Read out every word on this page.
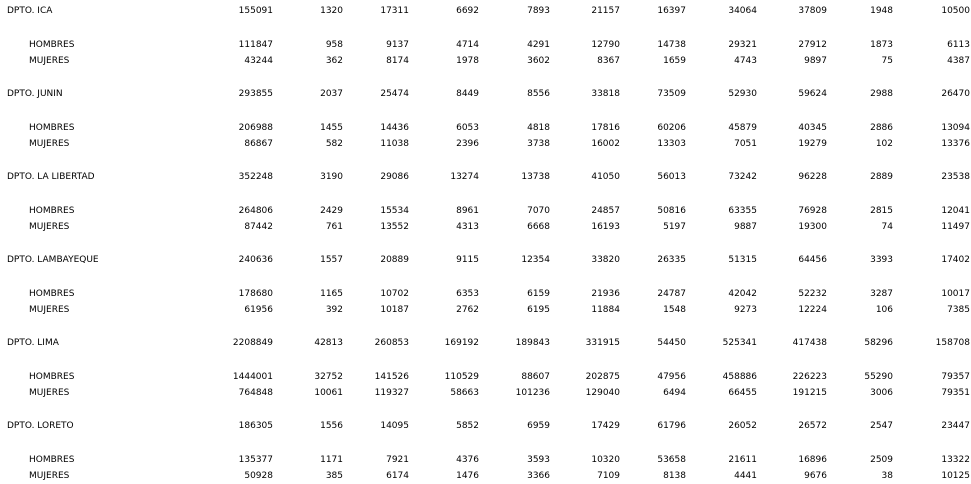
DPTO. ICA	155091	1320	17311	6692	7893	21157	16397	34064	37809	1948	10500
HOMBRES	111847	958	9137	4714	4291	12790	14738	29321	27912	1873	6113
MUJERES	43244	362	8174	1978	3602	8367	1659	4743	9897	75	4387
DPTO. JUNIN	293855	2037	25474	8449	8556	33818	73509	52930	59624	2988	26470
HOMBRES	206988	1455	14436	6053	4818	17816	60206	45879	40345	2886	13094
MUJERES	86867	582	11038	2396	3738	16002	13303	7051	19279	102	13376
DPTO. LA LIBERTAD	352248	3190	29086	13274	13738	41050	56013	73242	96228	2889	23538
HOMBRES	264806	2429	15534	8961	7070	24857	50816	63355	76928	2815	12041
MUJERES	87442	761	13552	4313	6668	16193	5197	9887	19300	74	11497
DPTO. LAMBAYEQUE	240636	1557	20889	9115	12354	33820	26335	51315	64456	3393	17402
HOMBRES	178680	1165	10702	6353	6159	21936	24787	42042	52232	3287	10017
MUJERES	61956	392	10187	2762	6195	11884	1548	9273	12224	106	7385
DPTO. LIMA	2208849	42813	260853	169192	189843	331915	54450	525341	417438	58296	158708
HOMBRES	1444001	32752	141526	110529	88607	202875	47956	458886	226223	55290	79357
MUJERES	764848	10061	119327	58663	101236	129040	6494	66455	191215	3006	79351
DPTO. LORETO	186305	1556	14095	5852	6959	17429	61796	26052	26572	2547	23447
HOMBRES	135377	1171	7921	4376	3593	10320	53658	21611	16896	2509	13322
MUJERES	50928	385	6174	1476	3366	7109	8138	4441	9676	38	10125
